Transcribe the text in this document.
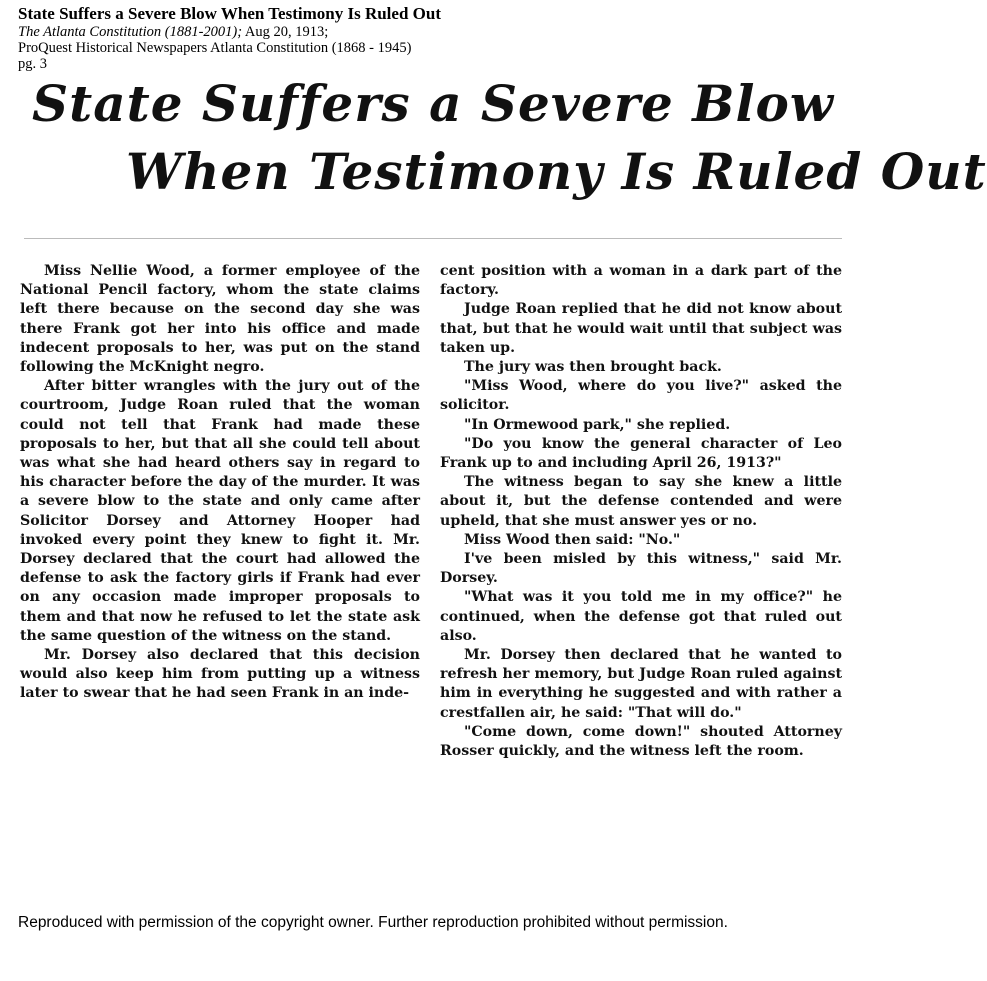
State Suffers a Severe Blow When Testimony Is Ruled Out
The Atlanta Constitution (1881-2001); Aug 20, 1913;
ProQuest Historical Newspapers Atlanta Constitution (1868 - 1945)
pg. 3
State Suffers a Severe Blow
When Testimony Is Ruled Out

Miss Nellie Wood, a former employee of the National Pencil factory, whom the state claims left there because on the second day she was there Frank got her into his office and made indecent proposals to her, was put on the stand following the McKnight negro.

After bitter wrangles with the jury out of the courtroom, Judge Roan ruled that the woman could not tell that Frank had made these proposals to her, but that all she could tell about was what she had heard others say in regard to his character before the day of the murder. It was a severe blow to the state and only came after Solicitor Dorsey and Attorney Hooper had invoked every point they knew to fight it. Mr. Dorsey declared that the court had allowed the defense to ask the factory girls if Frank had ever on any occasion made improper proposals to them and that now he refused to let the state ask the same question of the witness on the stand.

Mr. Dorsey also declared that this decision would also keep him from putting up a witness later to swear that he had seen Frank in an inde-

cent position with a woman in a dark part of the factory.

Judge Roan replied that he did not know about that, but that he would wait until that subject was taken up.

The jury was then brought back.

"Miss Wood, where do you live?" asked the solicitor.

"In Ormewood park," she replied.

"Do you know the general character of Leo Frank up to and including April 26, 1913?"

The witness began to say she knew a little about it, but the defense contended and were upheld, that she must answer yes or no.

Miss Wood then said: "No."

I've been misled by this witness," said Mr. Dorsey.

"What was it you told me in my office?" he continued, when the defense got that ruled out also.

Mr. Dorsey then declared that he wanted to refresh her memory, but Judge Roan ruled against him in everything he suggested and with rather a crestfallen air, he said: "That will do."

"Come down, come down!" shouted Attorney Rosser quickly, and the witness left the room.

Reproduced with permission of the copyright owner. Further reproduction prohibited without permission.
